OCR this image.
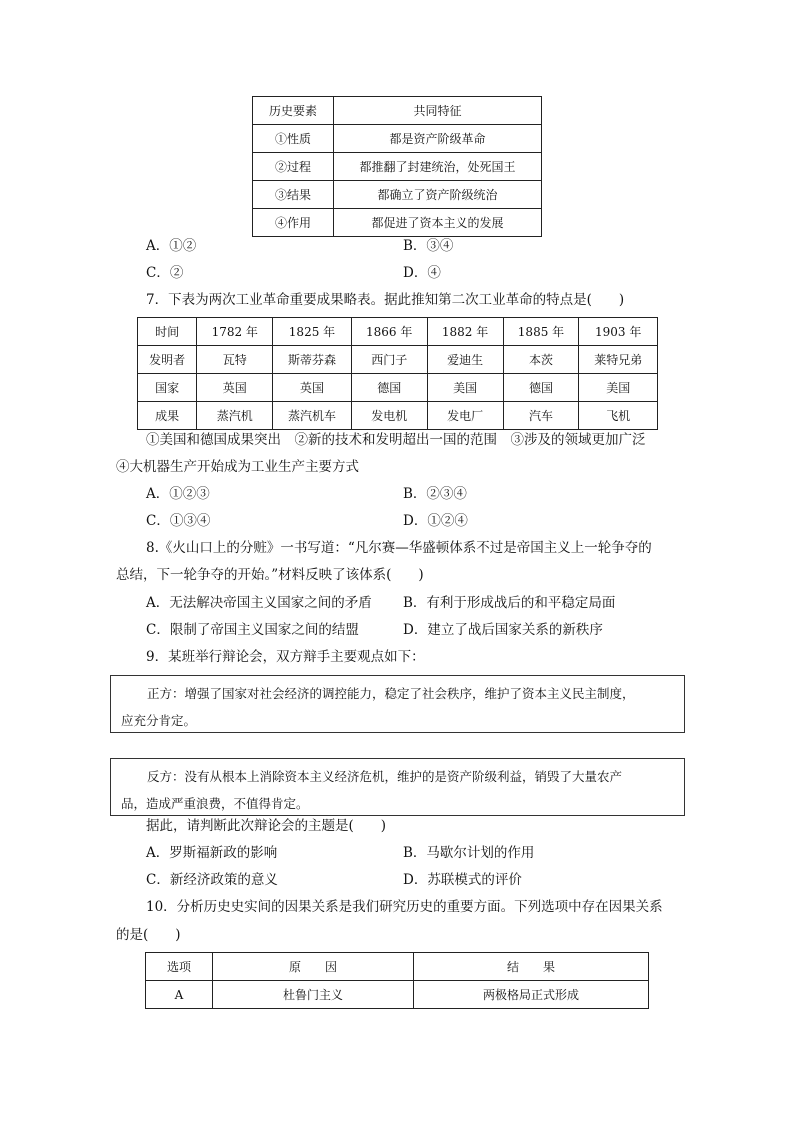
历史要素	共同特征
①性质	都是资产阶级革命
②过程	都推翻了封建统治，处死国王
③结果	都确立了资产阶级统治
④作用	都促进了资本主义的发展
A．①②	B．③④
C．②	D．④
7．下表为两次工业革命重要成果略表。据此推知第二次工业革命的特点是(　　)
时间	1782 年	1825 年	1866 年	1882 年	1885 年	1903 年
发明者	瓦特	斯蒂芬森	西门子	爱迪生	本茨	莱特兄弟
国家	英国	英国	德国	美国	德国	美国
成果	蒸汽机	蒸汽机车	发电机	发电厂	汽车	飞机
①美国和德国成果突出　②新的技术和发明超出一国的范围　③涉及的领域更加广泛
④大机器生产开始成为工业生产主要方式
A．①②③	B．②③④
C．①③④	D．①②④
8.《火山口上的分赃》一书写道：“凡尔赛—华盛顿体系不过是帝国主义上一轮争夺的
总结，下一轮争夺的开始。”材料反映了该体系(　　)
A．无法解决帝国主义国家之间的矛盾 B．有利于形成战后的和平稳定局面
C．限制了帝国主义国家之间的结盟	D．建立了战后国家关系的新秩序
9．某班举行辩论会，双方辩手主要观点如下：
正方：增强了国家对社会经济的调控能力，稳定了社会秩序，维护了资本主义民主制度，
应充分肯定。
反方：没有从根本上消除资本主义经济危机，维护的是资产阶级利益，销毁了大量农产
品，造成严重浪费，不值得肯定。
据此，请判断此次辩论会的主题是(　　)
A．罗斯福新政的影响	B．马歇尔计划的作用
C．新经济政策的意义	D．苏联模式的评价
10．分析历史史实间的因果关系是我们研究历史的重要方面。下列选项中存在因果关系
的是(　　)
选项	原　　因	结　　果
A	杜鲁门主义	两极格局正式形成
